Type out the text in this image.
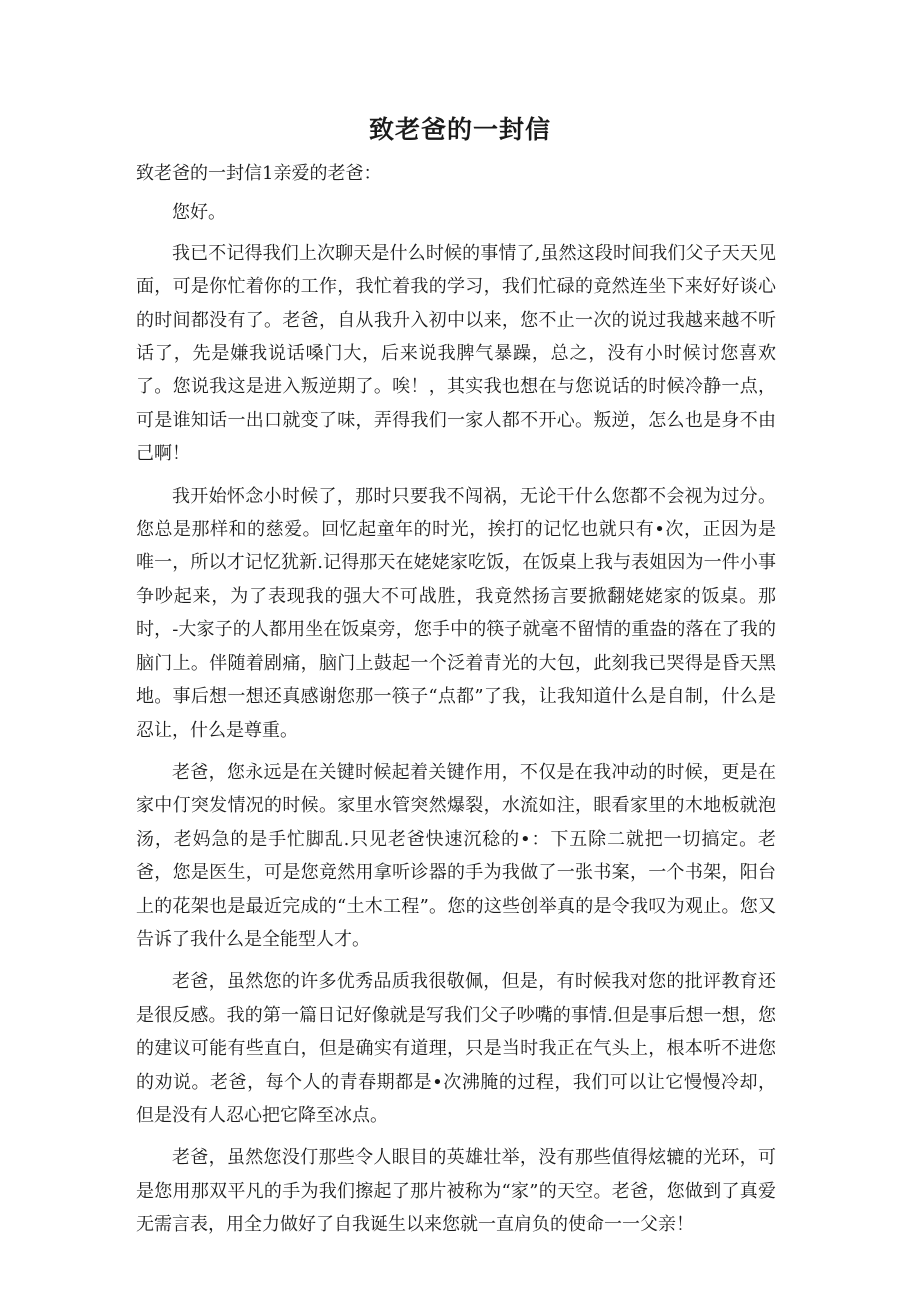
致老爸的一封信

致老爸的一封信1亲爱的老爸：

您好。

我已不记得我们上次聊天是什么时候的事情了,虽然这段时间我们父子天天见面，可是你忙着你的工作，我忙着我的学习，我们忙碌的竟然连坐下来好好谈心的时间都没有了。老爸，自从我升入初中以来，您不止一次的说过我越来越不听话了，先是嫌我说话嗓门大，后来说我脾气暴躁，总之，没有小时候讨您喜欢了。您说我这是进入叛逆期了。唉！，其实我也想在与您说话的时候冷静一点，可是谁知话一出口就变了味，弄得我们一家人都不开心。叛逆，怎么也是身不由己啊！

我开始怀念小时候了，那时只要我不闯祸，无论干什么您都不会视为过分。您总是那样和的慈爱。回忆起童年的时光，挨打的记忆也就只有•次，正因为是唯一，所以才记忆犹新.记得那天在姥姥家吃饭，在饭桌上我与表姐因为一件小事争吵起来，为了表现我的强大不可战胜，我竟然扬言要掀翻姥姥家的饭桌。那时，-大家子的人都用坐在饭桌旁，您手中的筷子就毫不留情的重盎的落在了我的脑门上。伴随着剧痛，脑门上鼓起一个泛着青光的大包，此刻我已哭得是昏天黑地。事后想一想还真感谢您那一筷子“点都”了我，让我知道什么是自制，什么是忍让，什么是尊重。

老爸，您永远是在关键时候起着关键作用，不仅是在我冲动的时候，更是在家中仃突发情况的时候。家里水管突然爆裂，水流如注，眼看家里的木地板就泡汤，老妈急的是手忙脚乱.只见老爸快速沉稔的•：下五除二就把一切搞定。老爸，您是医生，可是您竟然用拿听诊器的手为我做了一张书案，一个书架，阳台上的花架也是最近完成的“土木工程”。您的这些创举真的是令我叹为观止。您又告诉了我什么是全能型人才。

老爸，虽然您的许多优秀品质我很敬佩，但是，有时候我对您的批评教育还是很反感。我的第一篇日记好像就是写我们父子吵嘴的事情.但是事后想一想，您的建议可能有些直白，但是确实有道理，只是当时我正在气头上，根本听不进您的劝说。老爸，每个人的青春期都是•次沸腌的过程，我们可以让它慢慢冷却，但是没有人忍心把它降至冰点。

老爸，虽然您没仃那些令人眼目的英雄壮举，没有那些值得炫辘的光环，可是您用那双平凡的手为我们擦起了那片被称为“家”的天空。老爸，您做到了真爱无需言表，用全力做好了自我诞生以来您就一直肩负的使命一一父亲！
